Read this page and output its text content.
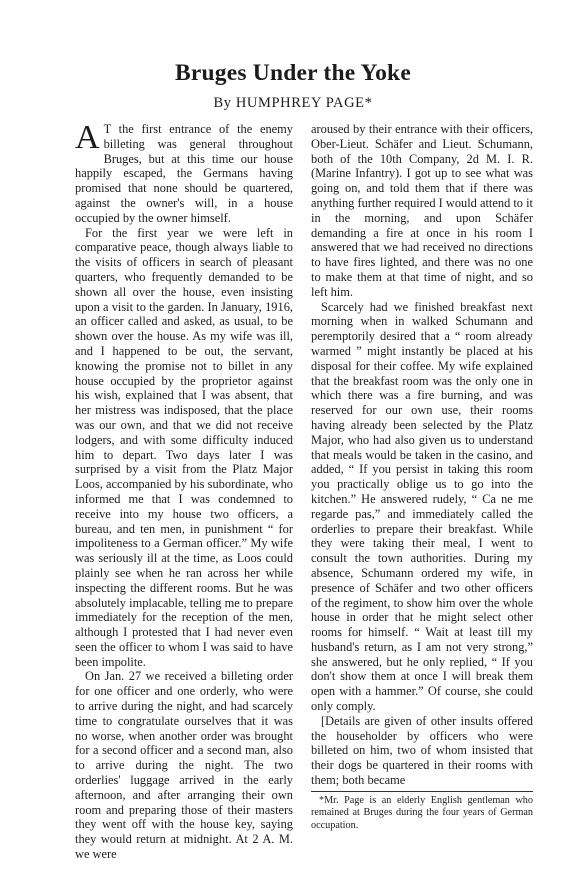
Bruges Under the Yoke
By HUMPHREY PAGE*

A T the first entrance of the enemy billeting was general throughout Bruges, but at this time our house happily escaped, the Germans having promised that none should be quartered, against the owner's will, in a house occupied by the owner himself.

For the first year we were left in comparative peace, though always liable to the visits of officers in search of pleasant quarters, who frequently demanded to be shown all over the house, even insisting upon a visit to the garden. In January, 1916, an officer called and asked, as usual, to be shown over the house. As my wife was ill, and I happened to be out, the servant, knowing the promise not to billet in any house occupied by the proprietor against his wish, explained that I was absent, that her mistress was indisposed, that the place was our own, and that we did not receive lodgers, and with some difficulty induced him to depart. Two days later I was surprised by a visit from the Platz Major Loos, accompanied by his subordinate, who informed me that I was condemned to receive into my house two officers, a bureau, and ten men, in punishment “ for impoliteness to a German officer.” My wife was seriously ill at the time, as Loos could plainly see when he ran across her while inspecting the different rooms. But he was absolutely implacable, telling me to prepare immediately for the reception of the men, although I protested that I had never even seen the officer to whom I was said to have been impolite.

On Jan. 27 we received a billeting order for one officer and one orderly, who were to arrive during the night, and had scarcely time to congratulate ourselves that it was no worse, when another order was brought for a second officer and a second man, also to arrive during the night. The two orderlies' luggage arrived in the early afternoon, and after arranging their own room and preparing those of their masters they went off with the house key, saying they would return at midnight. At 2 A. M. we were

aroused by their entrance with their officers, Ober-Lieut. Schäfer and Lieut. Schumann, both of the 10th Company, 2d M. I. R. (Marine Infantry). I got up to see what was going on, and told them that if there was anything further required I would attend to it in the morning, and upon Schäfer demanding a fire at once in his room I answered that we had received no directions to have fires lighted, and there was no one to make them at that time of night, and so left him.

Scarcely had we finished breakfast next morning when in walked Schumann and peremptorily desired that a “ room already warmed ” might instantly be placed at his disposal for their coffee. My wife explained that the breakfast room was the only one in which there was a fire burning, and was reserved for our own use, their rooms having already been selected by the Platz Major, who had also given us to understand that meals would be taken in the casino, and added, “ If you persist in taking this room you practically oblige us to go into the kitchen.” He answered rudely, “ Ca ne me regarde pas,” and immediately called the orderlies to prepare their breakfast. While they were taking their meal, I went to consult the town authorities. During my absence, Schumann ordered my wife, in presence of Schäfer and two other officers of the regiment, to show him over the whole house in order that he might select other rooms for himself. “ Wait at least till my husband's return, as I am not very strong,” she answered, but he only replied, “ If you don't show them at once I will break them open with a hammer.” Of course, she could only comply.

[Details are given of other insults offered the householder by officers who were billeted on him, two of whom insisted that their dogs be quartered in their rooms with them; both became

*Mr. Page is an elderly English gentleman who remained at Bruges during the four years of German occupation.
